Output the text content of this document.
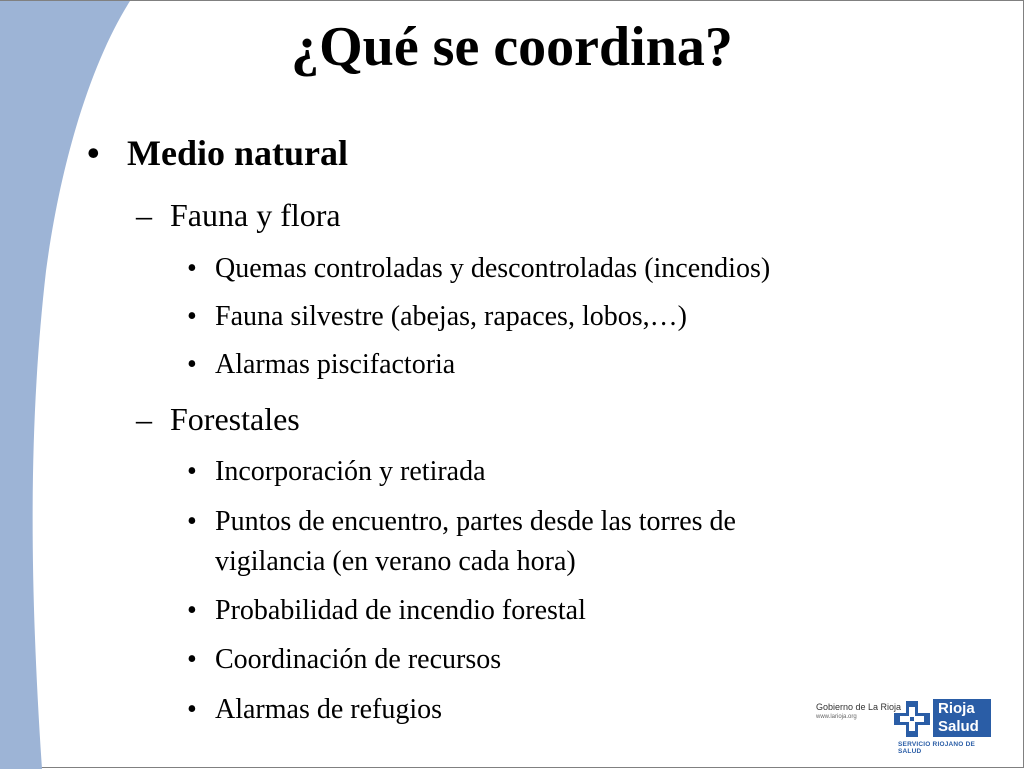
¿Qué se coordina?
• Medio natural
– Fauna y flora
• Quemas controladas y descontroladas (incendios)
• Fauna silvestre (abejas, rapaces, lobos,…)
• Alarmas piscifactoria
– Forestales
• Incorporación y retirada
• Puntos de encuentro, partes desde las torres de
vigilancia (en verano cada hora)
• Probabilidad de incendio forestal
• Coordinación de recursos
• Alarmas de refugios	Gobierno de La Rioja
www.larioja.org	Rioja
Salud
SERVICIO RIOJANO DE SALUD
